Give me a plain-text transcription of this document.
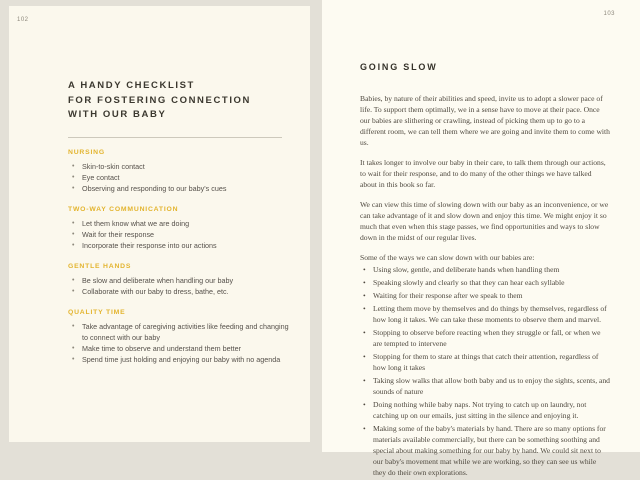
102
A HANDY CHECKLIST
FOR FOSTERING CONNECTION
WITH OUR BABY
NURSING
• Skin-to-skin contact
• Eye contact
• Observing and responding to our baby's cues
TWO-WAY COMMUNICATION
• Let them know what we are doing
• Wait for their response
• Incorporate their response into our actions
GENTLE HANDS
• Be slow and deliberate when handling our baby
• Collaborate with our baby to dress, bathe, etc.
QUALITY TIME
• Take advantage of caregiving activities like feeding and changing to connect with our baby
• Make time to observe and understand them better
• Spend time just holding and enjoying our baby with no agenda
103
GOING SLOW

Babies, by nature of their abilities and speed, invite us to adopt a slower pace of life. To support them optimally, we in a sense have to move at their pace. Once our babies are slithering or crawling, instead of picking them up to go to a different room, we can tell them where we are going and invite them to come with us.

It takes longer to involve our baby in their care, to talk them through our actions, to wait for their response, and to do many of the other things we have talked about in this book so far.

We can view this time of slowing down with our baby as an inconvenience, or we can take advantage of it and slow down and enjoy this time. We might enjoy it so much that even when this stage passes, we find opportunities and ways to slow down in the midst of our regular lives.

Some of the ways we can slow down with our babies are:

• Using slow, gentle, and deliberate hands when handling them
• Speaking slowly and clearly so that they can hear each syllable
• Waiting for their response after we speak to them
• Letting them move by themselves and do things by themselves, regardless of how long it takes. We can take these moments to observe them and marvel.
• Stopping to observe before reacting when they struggle or fall, or when we are tempted to intervene
• Stopping for them to stare at things that catch their attention, regardless of how long it takes
• Taking slow walks that allow both baby and us to enjoy the sights, scents, and sounds of nature
• Doing nothing while baby naps. Not trying to catch up on laundry, not catching up on our emails, just sitting in the silence and enjoying it.
• Making some of the baby's materials by hand. There are so many options for materials available commercially, but there can be something soothing and special about making something for our baby by hand. We could sit next to our baby's movement mat while we are working, so they can see us while they do their own explorations.
